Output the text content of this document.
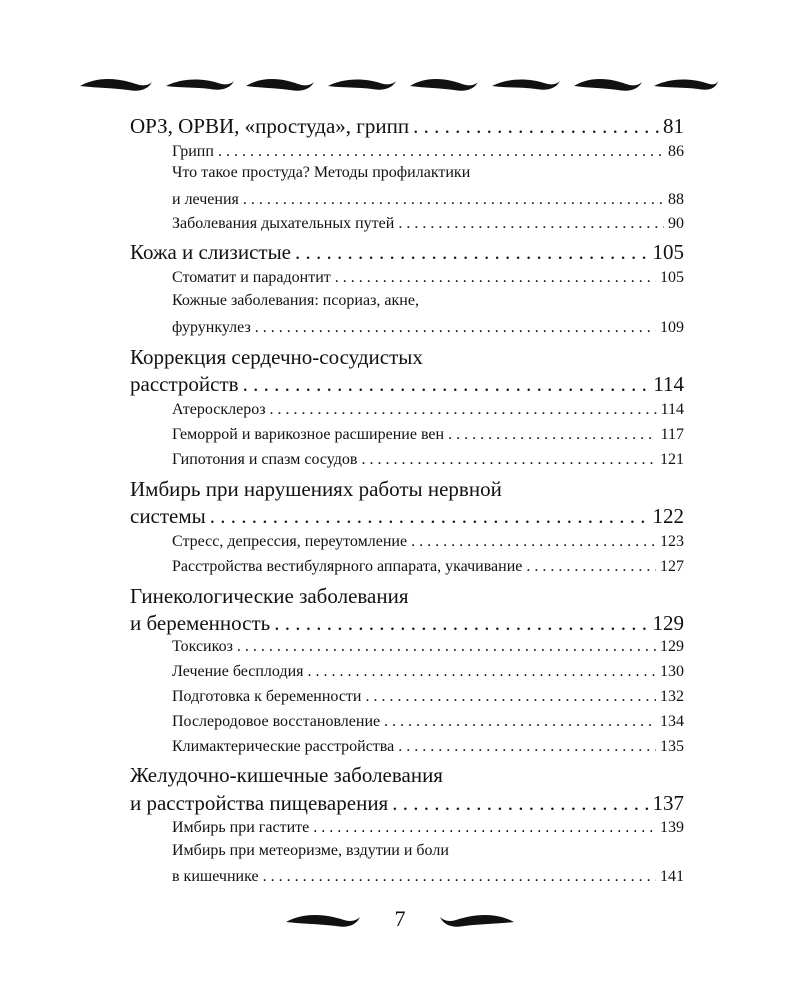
ОРЗ, ОРВИ, «простуда», грипп . . .	81
Грипп . . .	86
Что такое простуда? Методы профилактики
и лечения . . .	88
Заболевания дыхательных путей . . .	90
Кожа и слизистые . . .	105
Стоматит и парадонтит . . .	105
Кожные заболевания: псориаз, акне,
фурункулез . . .	109
Коррекция сердечно-сосудистых
расстройств . . .	114
Атеросклероз . . .	114
Геморрой и варикозное расширение вен . . .	117
Гипотония и спазм сосудов . . .	121
Имбирь при нарушениях работы нервной
системы . . .	122
Стресс, депрессия, переутомление . . .	123
Расстройства вестибулярного аппарата, укачивание . . .	127
Гинекологические заболевания
и беременность . . .	129
Токсикоз . . .	129
Лечение бесплодия . . .	130
Подготовка к беременности . . .	132
Послеродовое восстановление . . .	134
Климактерические расстройства . . .	135
Желудочно-кишечные заболевания
и расстройства пищеварения . . .	137
Имбирь при гастите . . .	139
Имбирь при метеоризме, вздутии и боли
в кишечнике . . .	141
7
